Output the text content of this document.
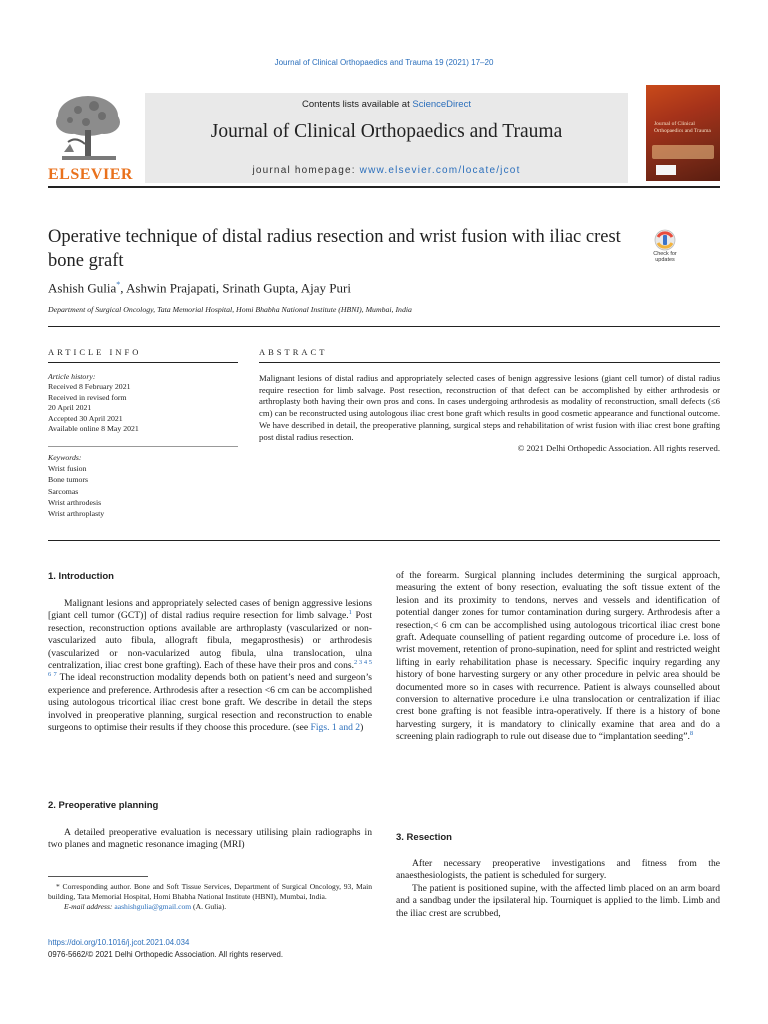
Journal of Clinical Orthopaedics and Trauma 19 (2021) 17–20
ELSEVIER
Contents lists available at ScienceDirect
Journal of Clinical Orthopaedics and Trauma
journal homepage: www.elsevier.com/locate/jcot
Journal of Clinical Orthopaedics and Trauma
Operative technique of distal radius resection and wrist fusion with iliac crest bone graft	Check for updates
Ashish Gulia*, Ashwin Prajapati, Srinath Gupta, Ajay Puri
Department of Surgical Oncology, Tata Memorial Hospital, Homi Bhabha National Institute (HBNI), Mumbai, India
ARTICLE INFO
Article history:
Received 8 February 2021
Received in revised form
20 April 2021
Accepted 30 April 2021
Available online 8 May 2021
Keywords:
Wrist fusion
Bone tumors
Sarcomas
Wrist arthrodesis
Wrist arthroplasty
ABSTRACT
Malignant lesions of distal radius and appropriately selected cases of benign aggressive lesions (giant cell tumor) of distal radius require resection for limb salvage. Post resection, reconstruction of that defect can be accomplished by either arthrodesis or arthroplasty both having their own pros and cons. In cases undergoing arthrodesis as modality of reconstruction, small defects (≤6 cm) can be reconstructed using autologous iliac crest bone graft which results in good cosmetic appearance and functional outcome. We have described in detail, the preoperative planning, surgical steps and rehabilitation of wrist fusion with iliac crest bone grafting post distal radius resection.
© 2021 Delhi Orthopedic Association. All rights reserved.
1. Introduction

Malignant lesions and appropriately selected cases of benign aggressive lesions [giant cell tumor (GCT)] of distal radius require resection for limb salvage.$^1$ Post resection, reconstruction options available are arthroplasty (vascularized or non-vascularized auto fibula, allograft fibula, megaprosthesis) or arthrodesis (vascularized or non-vacularized autog fibula, ulna translocation, ulna centralization, iliac crest bone grafting). Each of these have their pros and cons.$^{2 3 4 5 6 7}$ The ideal reconstruction modality depends both on patient’s need and surgeon’s experience and preference. Arthrodesis after a resection <6 cm can be accomplished using autologous tricortical iliac crest bone graft. We describe in detail the steps involved in preoperative planning, surgical resection and reconstruction to enable surgeons to optimise their results if they choose this procedure. (see Figs. 1 and 2)

2. Preoperative planning

A detailed preoperative evaluation is necessary utilising plain radiographs in two planes and magnetic resonance imaging (MRI)

* Corresponding author. Bone and Soft Tissue Services, Department of Surgical Oncology, 93, Main building, Tata Memorial Hospital, Homi Bhabha National Institute (HBNI), Mumbai, India.
E-mail address: aashishgulia@gmail.com (A. Gulia).
https://doi.org/10.1016/j.jcot.2021.04.034
0976-5662/© 2021 Delhi Orthopedic Association. All rights reserved.

of the forearm. Surgical planning includes determining the surgical approach, measuring the extent of bony resection, evaluating the soft tissue extent of the lesion and its proximity to tendons, nerves and vessels and identification of potential danger zones for tumor contamination during surgery. Arthrodesis after a resection,< 6 cm can be accomplished using autologous tricortical iliac crest bone graft. Adequate counselling of patient regarding outcome of procedure i.e. loss of wrist movement, retention of prono-supination, need for splint and restricted weight lifting in early rehabilitation phase is necessary. Specific inquiry regarding any history of bone harvesting surgery or any other procedure in pelvic area should be documented more so in cases with recurrence. Patient is always counselled about conversion to alternative procedure i.e ulna translocation or centralization if iliac crest bone grafting is not feasible intra-operatively. If there is a history of bone harvesting surgery, it is mandatory to clinically examine that area and do a screening plain radiograph to rule out disease due to “implantation seeding”.$^8$

3. Resection

After necessary preoperative investigations and fitness from the anaesthesiologists, the patient is scheduled for surgery.

The patient is positioned supine, with the affected limb placed on an arm board and a sandbag under the ipsilateral hip. Tourniquet is applied to the limb. Limb and the iliac crest are scrubbed,
